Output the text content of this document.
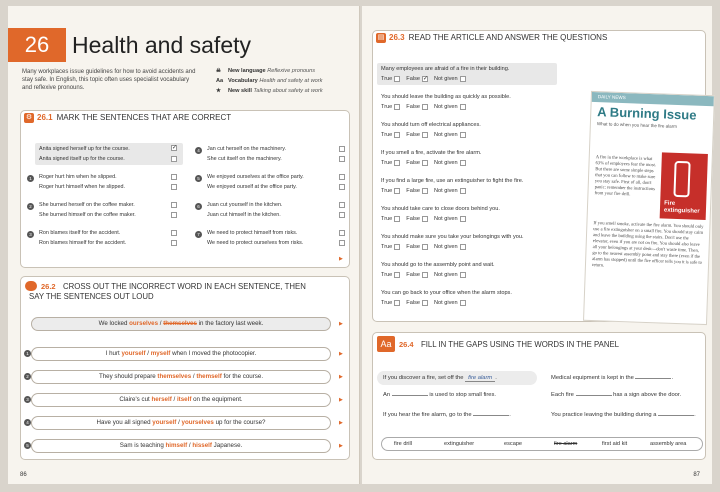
26 Health and safety
Many workplaces issue guidelines for how to avoid accidents and stay safe. In English, this topic often uses specialist vocabulary and reflexive pronouns.
☠ New language Reflexive pronouns
Aa Vocabulary Health and safety at work
★ New skill Talking about safety at work
⚙ 26.1 MARK THE SENTENCES THAT ARE CORRECT
Anita signed herself up for the course.
Anita signed itself up for the course.
✓
1	Roger hurt him when he slipped.
Roger hurt himself when he slipped.
2	She burned herself on the coffee maker.
She burned himself on the coffee maker.
3	Ron blames itself for the accident.
Ron blames himself for the accident.
4	Jan cut herself on the machinery.
She cut itself on the machinery.
5	We enjoyed ourselves at the office party.
We enjoyed ourself at the office party.
6	Juan cut yourself in the kitchen.
Juan cut himself in the kitchen.
7	We need to protect himself from risks.
We need to protect ourselves from risks.
▶
26.2 CROSS OUT THE INCORRECT WORD IN EACH SENTENCE, THEN
SAY THE SENTENCES OUT LOUD
We locked ourselves / themselves in the factory last week.	▶
1	I hurt yourself / myself when I moved the photocopier.	▶
2	They should prepare themselves / themself for the course.	▶
3	Claire's cut herself / itself on the equipment.	▶
4	Have you all signed yourself / yourselves up for the course?	▶
5	Sam is teaching himself / hisself Japanese.	▶
86
▤ 26.3 READ THE ARTICLE AND ANSWER THE QUESTIONS
Many employees are afraid of a fire in their building.
True	False ✓ Not given
You should leave the building as quickly as possible.
True	False	Not given
You should turn off electrical appliances.
True	False	Not given
If you smell a fire, activate the fire alarm.
True	False	Not given
If you find a large fire, use an extinguisher to fight the fire.
True	False	Not given
You should take care to close doors behind you.
True	False	Not given
You should make sure you take your belongings with you.
True	False	Not given
You should go to the assembly point and wait.
True	False	Not given
You can go back to your office when the alarm stops.
True	False	Not given
DAILY NEWS
A Burning Issue
What to do when you hear the fire alarm
A fire in the workplace is what 63% of employees fear the most. But there are some simple steps that you can follow to make sure you stay safe. First of all, don't panic: remember the instructions from your fire drill.
Fire extinguisher
If you smell smoke, activate the fire alarm. You should only use a fire extinguisher on a small fire. You should stay calm and leave the building using the stairs. Don't use the elevator, even if you are not on fire. You should also leave all your belongings at your desk—don't waste time. Then, go to the nearest assembly point and stay there (even if the alarm has stopped) until the fire officer tells you it is safe to return.
Aa	26.4 FILL IN THE GAPS USING THE WORDS IN THE PANEL
If you discover a fire, set off the fire alarm .
An	is used to stop small fires.
If you hear the fire alarm, go to the	.
Medical equipment is kept in the	.
Each fire	has a sign above the door.
You practice leaving the building during a	.
fire drill	extinguisher	escape	fire alarm	first aid kit	assembly area
87
